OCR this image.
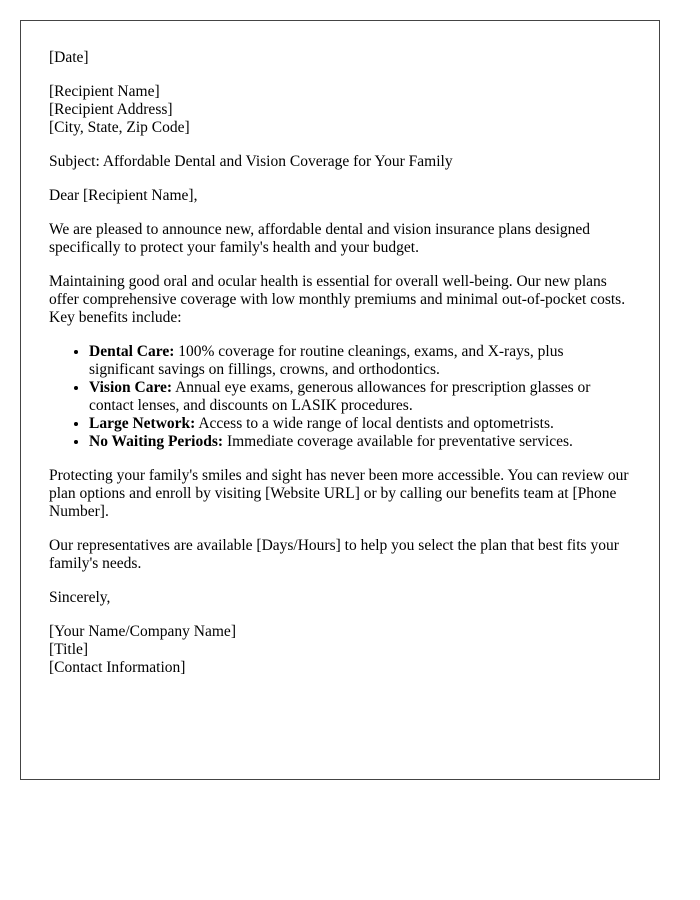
[Date]
[Recipient Name]
[Recipient Address]
[City, State, Zip Code]

Subject: Affordable Dental and Vision Coverage for Your Family

Dear [Recipient Name],

We are pleased to announce new, affordable dental and vision insurance plans designed specifically to protect your family's health and your budget.

Maintaining good oral and ocular health is essential for overall well-being. Our new plans offer comprehensive coverage with low monthly premiums and minimal out-of-pocket costs. Key benefits include:

• Dental Care: 100% coverage for routine cleanings, exams, and X-rays, plus significant savings on fillings, crowns, and orthodontics.
• Vision Care: Annual eye exams, generous allowances for prescription glasses or contact lenses, and discounts on LASIK procedures.
• Large Network: Access to a wide range of local dentists and optometrists.
• No Waiting Periods: Immediate coverage available for preventative services.

Protecting your family's smiles and sight has never been more accessible. You can review our plan options and enroll by visiting [Website URL] or by calling our benefits team at [Phone Number].

Our representatives are available [Days/Hours] to help you select the plan that best fits your family's needs.

Sincerely,

[Your Name/Company Name]
[Title]
[Contact Information]
